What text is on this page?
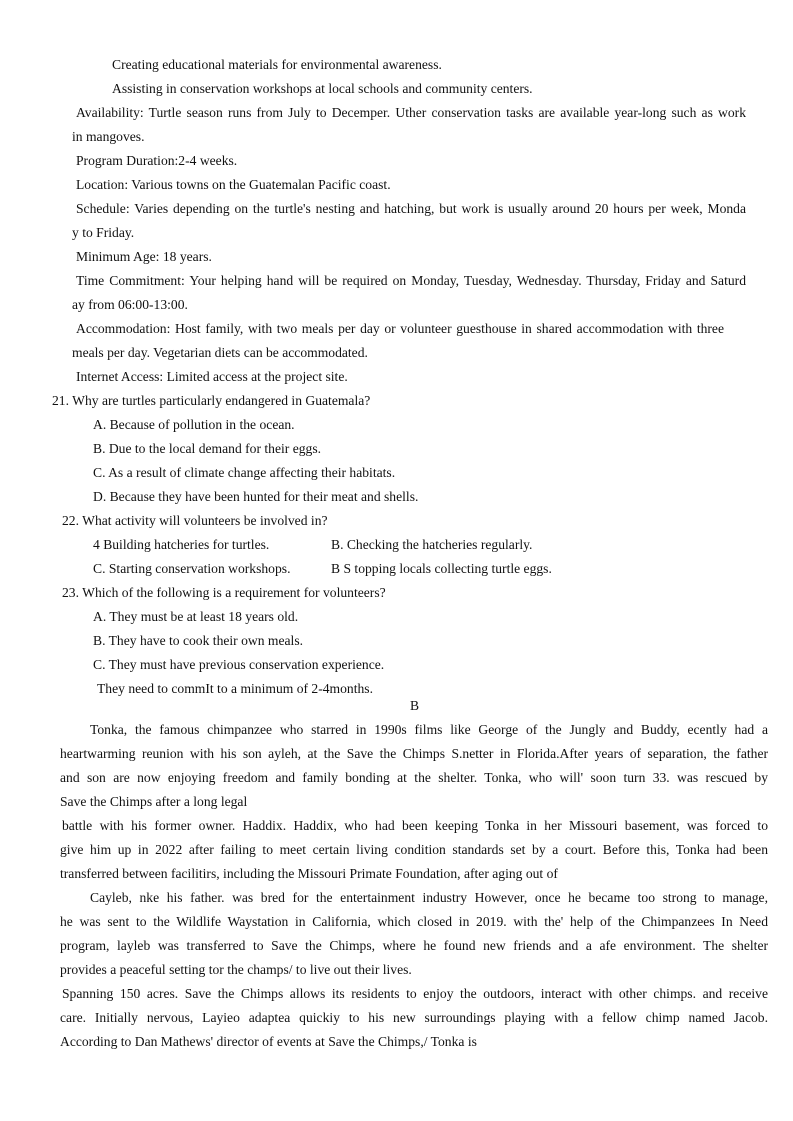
Creating educational materials for environmental awareness.
Assisting in conservation workshops at local schools and community centers.
Availability: Turtle season runs from July to Decemper. Uther conservation tasks are available year-long such as work
in mangoves.
Program Duration:2-4 weeks.
Location: Various towns on the Guatemalan Pacific coast.
Schedule: Varies depending on the turtle's nesting and hatching, but work is usually around 20 hours per week, Monda
y to Friday.
Minimum Age: 18 years.
Time Commitment: Your helping hand will be required on Monday, Tuesday, Wednesday. Thursday, Friday and Saturd
ay from 06:00-13:00.
Accommodation: Host family, with two meals per day or volunteer guesthouse in shared accommodation with three
meals per day. Vegetarian diets can be accommodated.
Internet Access: Limited access at the project site.
21. Why are turtles particularly endangered in Guatemala?
A. Because of pollution in the ocean.
B. Due to the local demand for their eggs.
C. As a result of climate change affecting their habitats.
D. Because they have been hunted for their meat and shells.
22. What activity will volunteers be involved in?
4 Building hatcheries for turtles.	B. Checking the hatcheries regularly.
C. Starting conservation workshops.	B S topping locals collecting turtle eggs.
23. Which of the following is a requirement for volunteers?
A. They must be at least 18 years old.
B. They have to cook their own meals.
C. They must have previous conservation experience.
They need to commIt to a minimum of 2-4months.
B
Tonka, the famous chimpanzee who starred in 1990s films like George of the Jungly and Buddy, ecently had a
heartwarming reunion with his son ayleh, at the Save the Chimps S.netter in Florida.After years of separation, the father
and son are now enjoying freedom and family bonding at the shelter. Tonka, who will' soon turn 33. was rescued by
Save the Chimps after a long legal
battle with his former owner. Haddix. Haddix, who had been keeping Tonka in her Missouri basement, was forced to
give him up in 2022 after failing to meet certain living condition standards set by a court. Before this, Tonka had been
transferred between facilitirs, including the Missouri Primate Foundation, after aging out of
Cayleb, nke his father. was bred for the entertainment industry However, once he became too strong to manage,
he was sent to the Wildlife Waystation in California, which closed in 2019. with the' help of the Chimpanzees In Need
program, layleb was transferred to Save the Chimps, where he found new friends and a afe environment. The shelter
provides a peaceful setting tor the champs/ to live out their lives.
Spanning 150 acres. Save the Chimps allows its residents to enjoy the outdoors, interact with other chimps. and receive
care. Initially nervous, Layieo adaptea quickiy to his new surroundings playing with a fellow chimp named Jacob.
According to Dan Mathews' director of events at Save the Chimps,/ Tonka is
